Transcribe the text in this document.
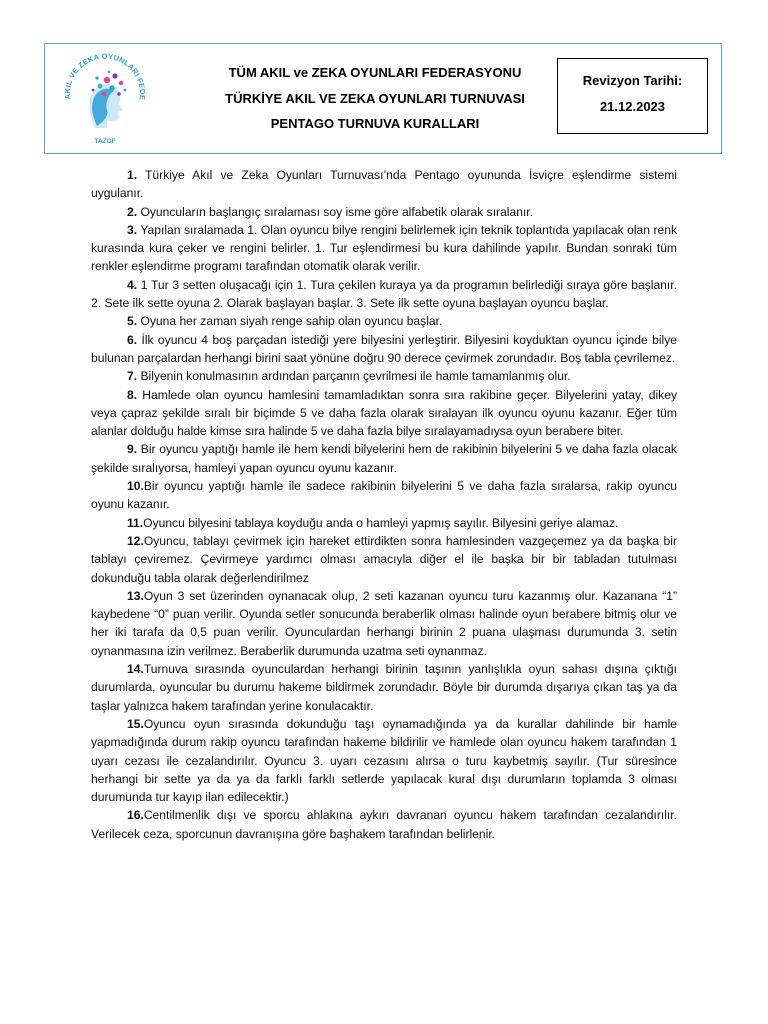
AKIL VE ZEKA OYUNLARI FEDE
TAZOF
TÜM AKIL ve ZEKA OYUNLARI FEDERASYONU
TÜRKİYE AKIL VE ZEKA OYUNLARI TURNUVASI
PENTAGO TURNUVA KURALLARI
Revizyon Tarihi:
21.12.2023

1. Türkiye Akıl ve Zeka Oyunları Turnuvası’nda Pentago oyununda İsviçre eşlendirme sistemi uygulanır.

2. Oyuncuların başlangıç sıralaması soy isme göre alfabetik olarak sıralanır.

3. Yapılan sıralamada 1. Olan oyuncu bilye rengini belirlemek için teknik toplantıda yapılacak olan renk kurasında kura çeker ve rengini belirler. 1. Tur eşlendirmesi bu kura dahilinde yapılır. Bundan sonraki tüm renkler eşlendirme programı tarafından otomatik olarak verilir.

4. 1 Tur 3 setten oluşacağı için 1. Tura çekilen kuraya ya da programın belirlediği sıraya göre başlanır. 2. Sete ilk sette oyuna 2. Olarak başlayan başlar. 3. Sete ilk sette oyuna başlayan oyuncu başlar.

5. Oyuna her zaman siyah renge sahip olan oyuncu başlar.

6. İlk oyuncu 4 boş parçadan istediği yere bilyesini yerleştirir. Bilyesini koyduktan oyuncu içinde bilye bulunan parçalardan herhangi birini saat yönüne doğru 90 derece çevirmek zorundadır. Boş tabla çevrilemez.

7. Bilyenin konulmasının ardından parçanın çevrilmesi ile hamle tamamlanmış olur.

8. Hamlede olan oyuncu hamlesini tamamladıktan sonra sıra rakibine geçer. Bilyelerini yatay, dikey veya çapraz şekilde sıralı bir biçimde 5 ve daha fazla olarak sıralayan ilk oyuncu oyunu kazanır. Eğer tüm alanlar dolduğu halde kimse sıra halinde 5 ve daha fazla bilye sıralayamadıysa oyun berabere biter.

9. Bir oyuncu yaptığı hamle ile hem kendi bilyelerini hem de rakibinin bilyelerini 5 ve daha fazla olacak şekilde sıralıyorsa, hamleyi yapan oyuncu oyunu kazanır.

10.Bir oyuncu yaptığı hamle ile sadece rakibinin bilyelerini 5 ve daha fazla sıralarsa, rakip oyuncu oyunu kazanır.

11.Oyuncu bilyesini tablaya koyduğu anda o hamleyi yapmış sayılır. Bilyesini geriye alamaz.

12.Oyuncu, tablayı çevirmek için hareket ettirdikten sonra hamlesinden vazgeçemez ya da başka bir tablayı çeviremez. Çevirmeye yardımcı olması amacıyla diğer el ile başka bir bir tabladan tutulması dokunduğu tabla olarak değerlendirilmez

13.Oyun 3 set üzerinden oynanacak olup, 2 seti kazanan oyuncu turu kazanmış olur. Kazanana “1” kaybedene “0” puan verilir. Oyunda setler sonucunda beraberlik olması halinde oyun berabere bitmiş olur ve her iki tarafa da 0,5 puan verilir. Oyunculardan herhangi birinin 2 puana ulaşması durumunda 3. setin oynanmasına izin verilmez. Beraberlik durumunda uzatma seti oynanmaz.

14.Turnuva sırasında oyunculardan herhangi birinin taşının yanlışlıkla oyun sahası dışına çıktığı durumlarda, oyuncular bu durumu hakeme bildirmek zorundadır. Böyle bir durumda dışarıya çıkan taş ya da taşlar yalnızca hakem tarafından yerine konulacaktır.

15.Oyuncu oyun sırasında dokunduğu taşı oynamadığında ya da kurallar dahilinde bir hamle yapmadığında durum rakip oyuncu tarafından hakeme bildirilir ve hamlede olan oyuncu hakem tarafından 1 uyarı cezası ile cezalandırılır. Oyuncu 3. uyarı cezasını alırsa o turu kaybetmiş sayılır. (Tur süresince herhangi bir sette ya da ya da farklı farklı setlerde yapılacak kural dışı durumların toplamda 3 olması durumunda tur kayıp ilan edilecektir.)

16.Centilmenlik dışı ve sporcu ahlakına aykırı davranan oyuncu hakem tarafından cezalandırılır. Verilecek ceza, sporcunun davranışına göre başhakem tarafından belirlenir.
